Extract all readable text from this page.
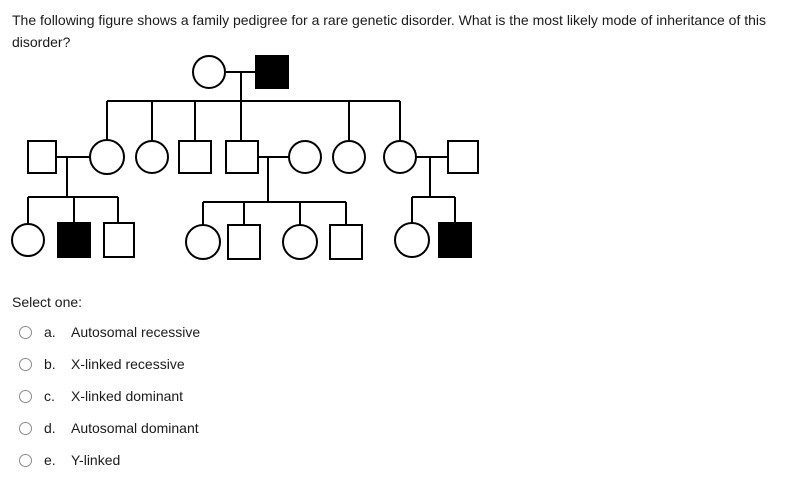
The following figure shows a family pedigree for a rare genetic disorder. What is the most likely mode of inheritance of this disorder?

Select one:
a.	Autosomal recessive
b.	X-linked recessive
c.	X-linked dominant
d.	Autosomal dominant
e.	Y-linked
